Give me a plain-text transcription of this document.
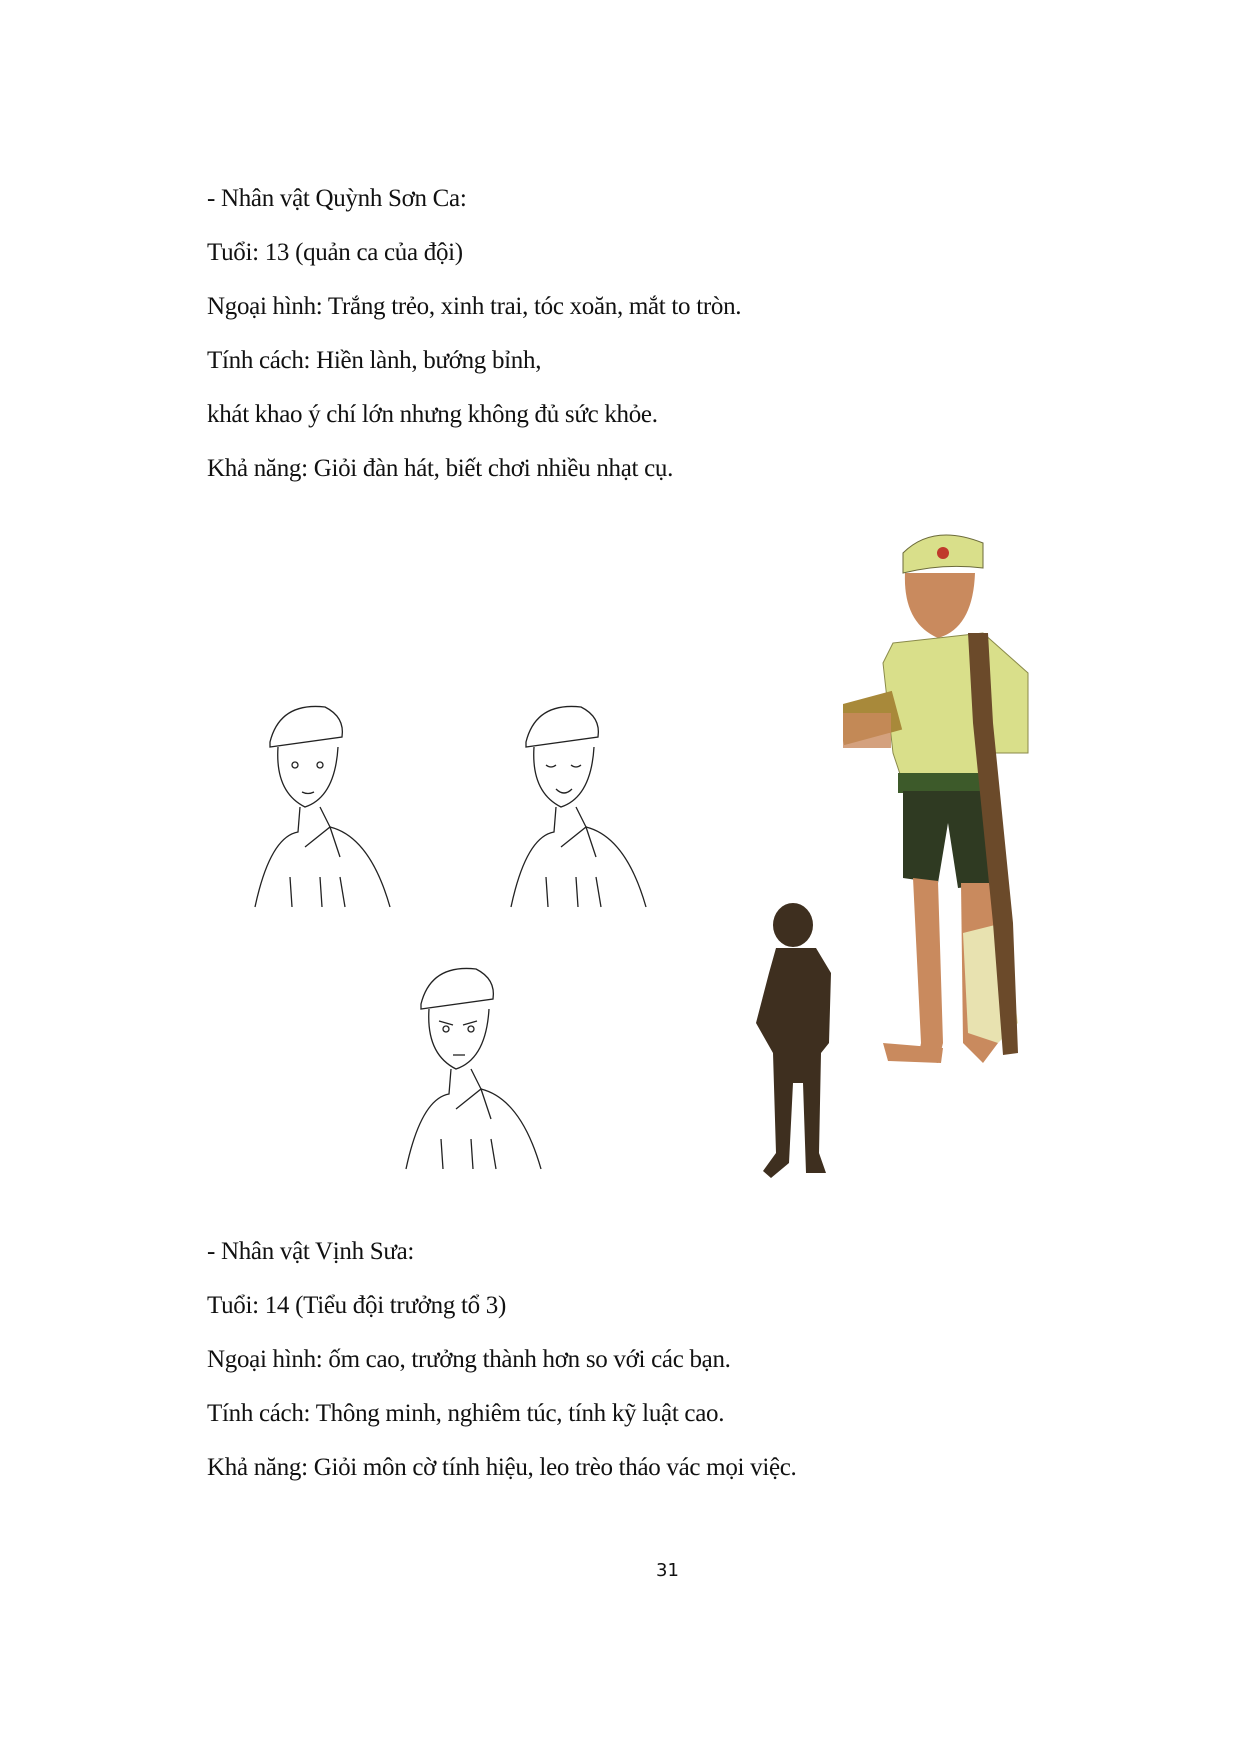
- Nhân vật Quỳnh Sơn Ca:
Tuổi: 13 (quản ca của đội)
Ngoại hình: Trắng trẻo, xinh trai, tóc xoăn, mắt to tròn.
Tính cách: Hiền lành, bướng bỉnh,
khát khao ý chí lớn nhưng không đủ sức khỏe.
Khả năng: Giỏi đàn hát, biết chơi nhiều nhạt cụ.
- Nhân vật Vịnh Sưa:
Tuổi: 14 (Tiểu đội trưởng tổ 3)
Ngoại hình: ốm cao, trưởng thành hơn so với các bạn.
Tính cách: Thông minh, nghiêm túc, tính kỹ luật cao.
Khả năng: Giỏi môn cờ tính hiệu, leo trèo tháo vác mọi việc.
31
